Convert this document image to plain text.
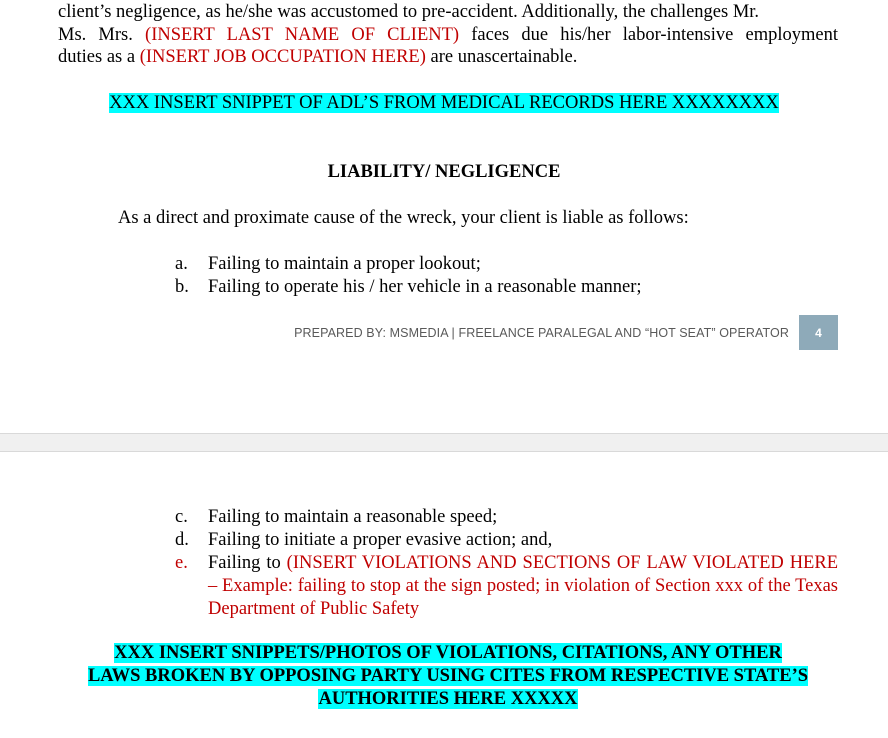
client’s negligence, as he/she was accustomed to pre-accident. Additionally, the challenges Mr.
Ms. Mrs. (INSERT LAST NAME OF CLIENT) faces due his/her labor-intensive employment
duties as a (INSERT JOB OCCUPATION HERE) are unascertainable.
XXX INSERT SNIPPET OF ADL’S FROM MEDICAL RECORDS HERE XXXXXXXX
LIABILITY/ NEGLIGENCE
As a direct and proximate cause of the wreck, your client is liable as follows:
a.	Failing to maintain a proper lookout;
b.	Failing to operate his / her vehicle in a reasonable manner;
PREPARED BY: MSMEDIA | FREELANCE PARALEGAL AND “HOT SEAT” OPERATOR	4
c.	Failing to maintain a reasonable speed;
d.	Failing to initiate a proper evasive action; and,
e.	Failing to (INSERT VIOLATIONS AND SECTIONS OF LAW VIOLATED HERE – Example: failing to stop at the sign posted; in violation of Section xxx of the Texas Department of Public Safety
XXX INSERT SNIPPETS/PHOTOS OF VIOLATIONS, CITATIONS, ANY OTHER
LAWS BROKEN BY OPPOSING PARTY USING CITES FROM RESPECTIVE STATE’S
AUTHORITIES HERE XXXXX
